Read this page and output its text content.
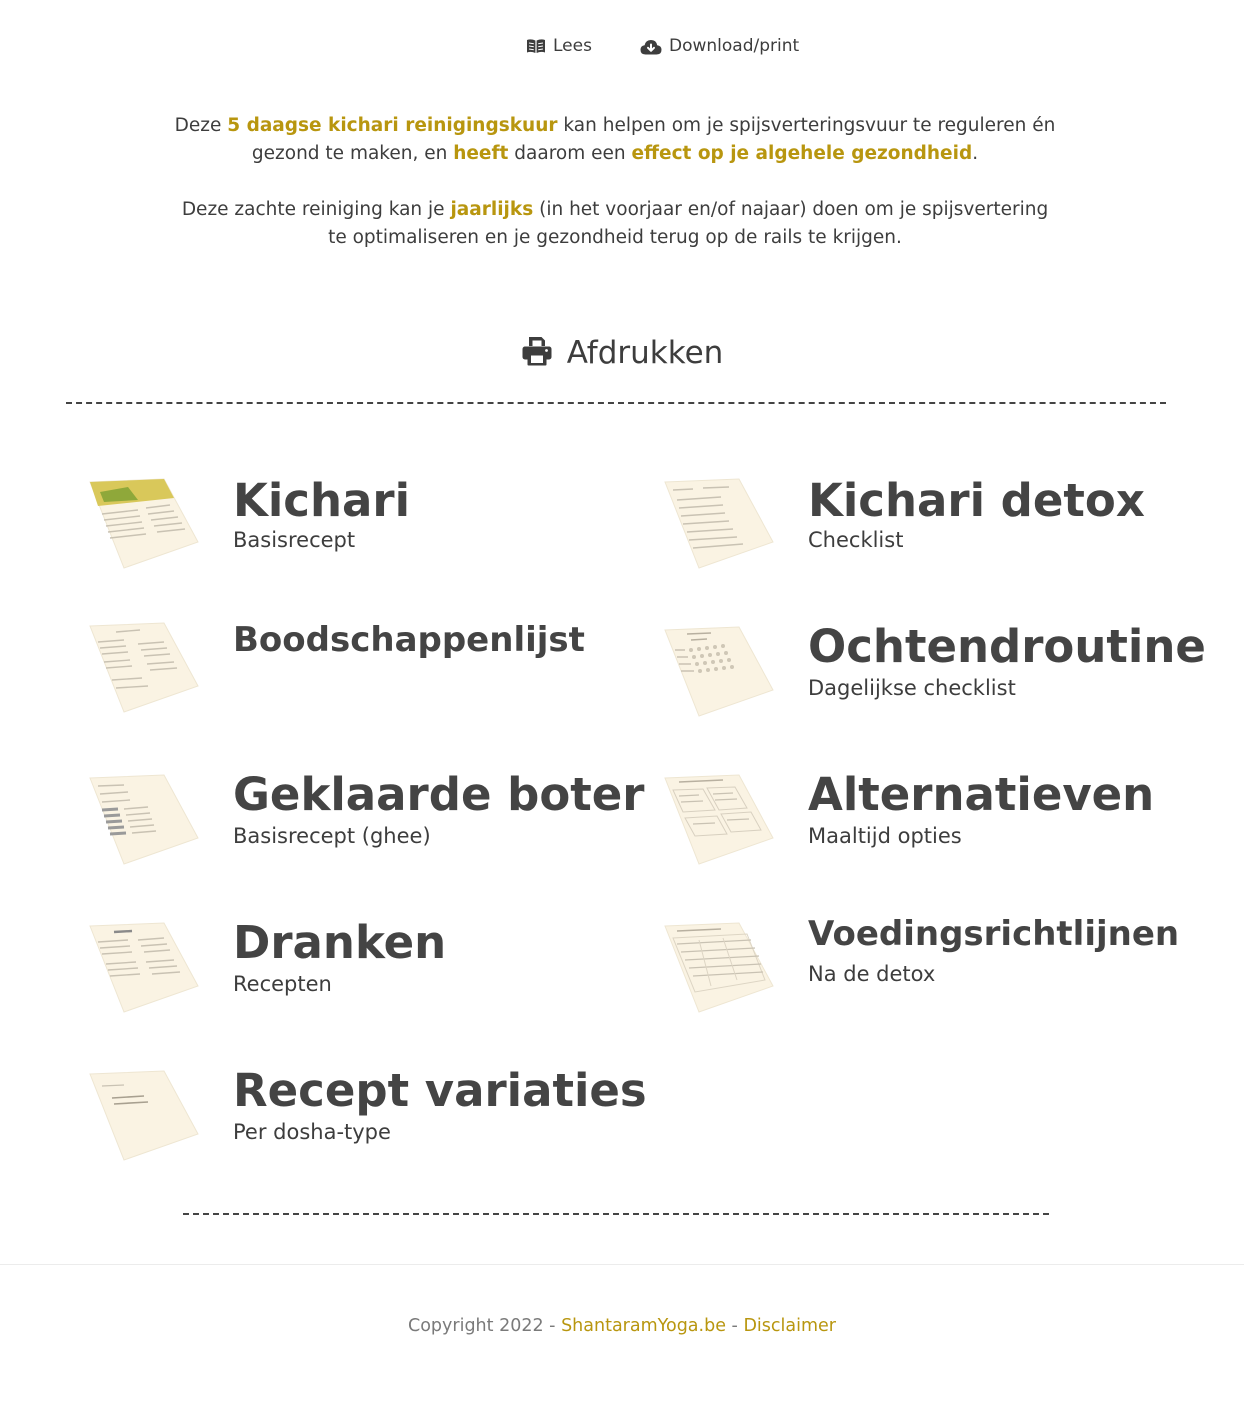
Lees	Download/print

Deze 5 daagse kichari reinigingskuur kan helpen om je spijsverteringsvuur te reguleren én gezond te maken, en heeft daarom een effect op je algehele gezondheid.

Deze zachte reiniging kan je jaarlijks (in het voorjaar en/of najaar) doen om je spijsvertering te optimaliseren en je gezondheid terug op de rails te krijgen.

Afdrukken
Kichari
Basisrecept
Kichari detox
Checklist
Boodschappenlijst	Ochtendroutine
Dagelijkse checklist
Geklaarde boter
Basisrecept (ghee)
Alternatieven
Maaltijd opties
Dranken
Recepten
Voedingsrichtlijnen
Na de detox
Recept variaties
Per dosha-type
Copyright 2022 - ShantaramYoga.be - Disclaimer
